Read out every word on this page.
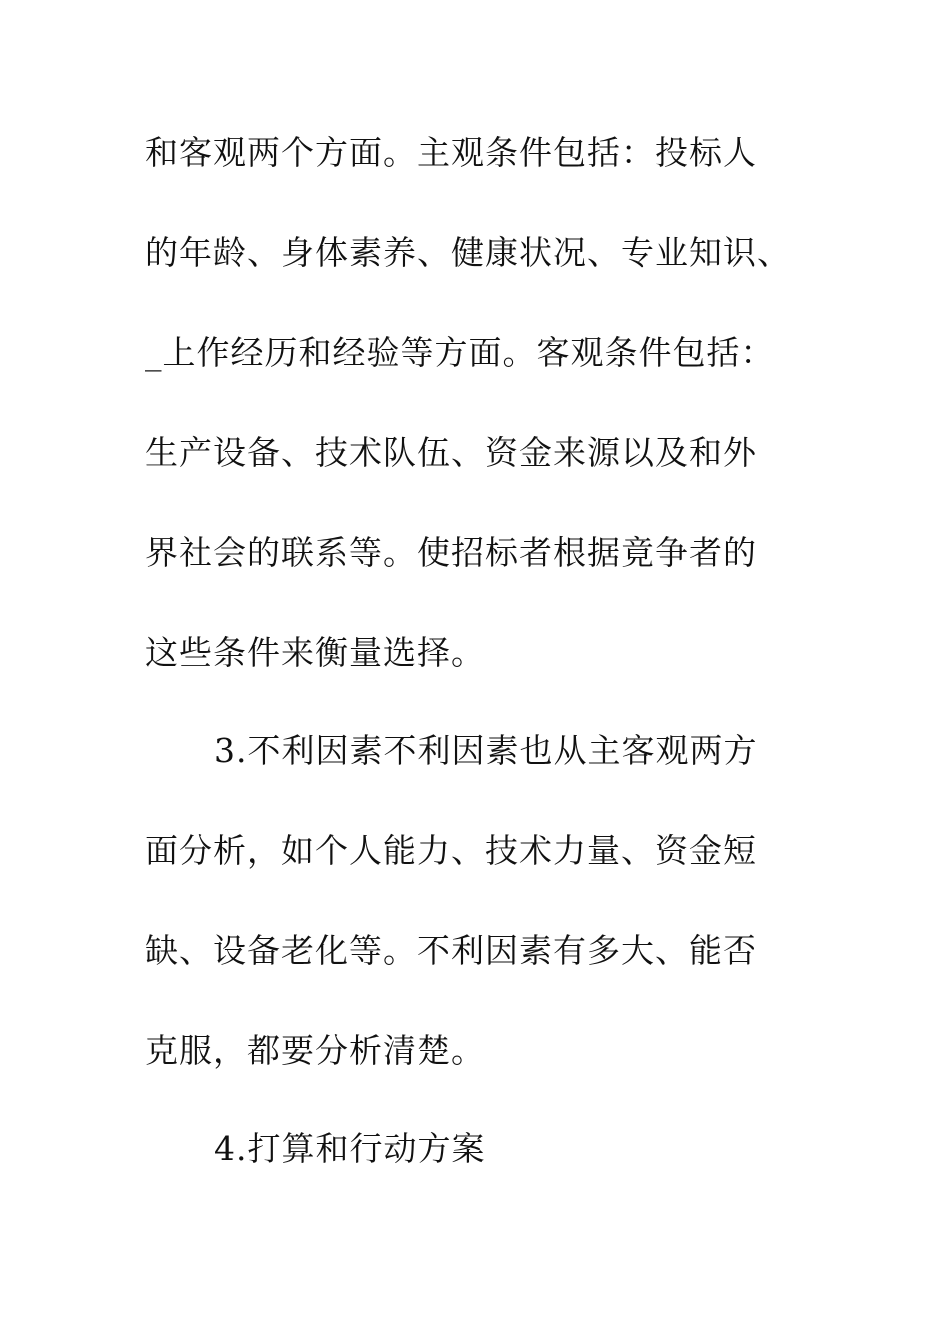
和客观两个方面。主观条件包括：投标人
的年龄、身体素养、健康状况、专业知识、
_上作经历和经验等方面。客观条件包括：
生产设备、技术队伍、资金来源以及和外
界社会的联系等。使招标者根据竟争者的
这些条件来衡量选择。
3.不利因素不利因素也从主客观两方
面分析，如个人能力、技术力量、资金短
缺、设备老化等。不利因素有多大、能否
克服，都要分析清楚。
4.打算和行动方案
